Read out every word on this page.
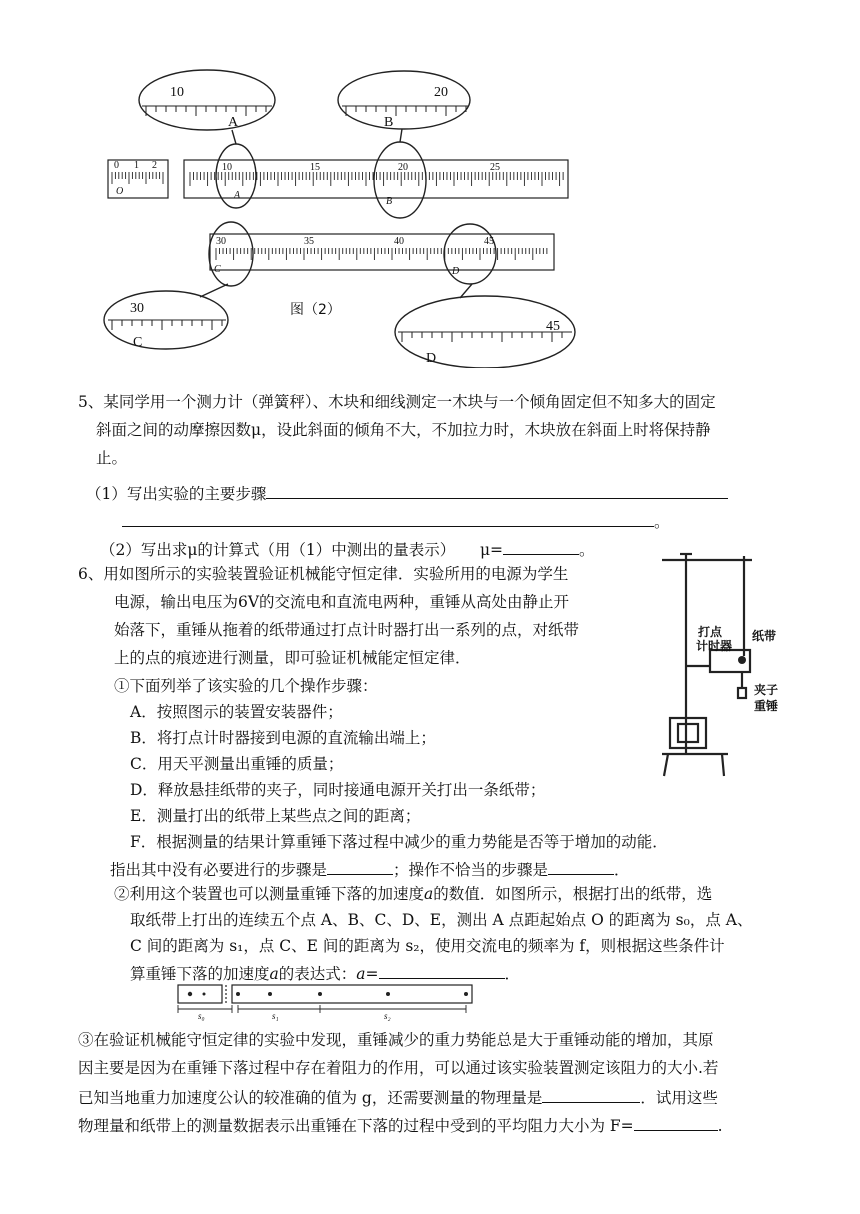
10
A
20
B
30
C
45
D
0 1 2	10	15	20	25
O	A
B
30	35	40	45
C	D
图（2）
5、某同学用一个测力计（弹簧秤）、木块和细线测定一木块与一个倾角固定但不知多大的固定
斜面之间的动摩擦因数μ，设此斜面的倾角不大，不加拉力时，木块放在斜面上时将保持静
止。
（1）写出实验的主要步骤
。
（2）写出求μ的计算式（用（1）中测出的量表示） μ=	。
6、用如图所示的实验装置验证机械能守恒定律．实验所用的电源为学生
电源，输出电压为6V的交流电和直流电两种，重锤从高处由静止开
始落下，重锤从拖着的纸带通过打点计时器打出一系列的点，对纸带
上的点的痕迹进行测量，即可验证机械能定恒定律．
①下面列举了该实验的几个操作步骤：
A．按照图示的装置安装器件；
B．将打点计时器接到电源的直流输出端上；
C．用天平测量出重锤的质量；
D．释放悬挂纸带的夹子，同时接通电源开关打出一条纸带；
E．测量打出的纸带上某些点之间的距离；
F．根据测量的结果计算重锤下落过程中减少的重力势能是否等于增加的动能．
指出其中没有必要进行的步骤是	；操作不恰当的步骤是	．
②利用这个装置也可以测量重锤下落的加速度a的数值．如图所示，根据打出的纸带，选
取纸带上打出的连续五个点 A、B、C、D、E，测出 A 点距起始点 O 的距离为 s₀，点 A、
C 间的距离为 s₁，点 C、E 间的距离为 s₂，使用交流电的频率为 f，则根据这些条件计
算重锤下落的加速度a的表达式：a=	．
s₀	s₁	s₂
③在验证机械能守恒定律的实验中发现，重锤减少的重力势能总是大于重锤动能的增加，其原
因主要是因为在重锤下落过程中存在着阻力的作用，可以通过该实验装置测定该阻力的大小.若
已知当地重力加速度公认的较准确的值为 g，还需要测量的物理量是	．试用这些
物理量和纸带上的测量数据表示出重锤在下落的过程中受到的平均阻力大小为 F=	.
打点
计时器
纸带
夹子
重锤
